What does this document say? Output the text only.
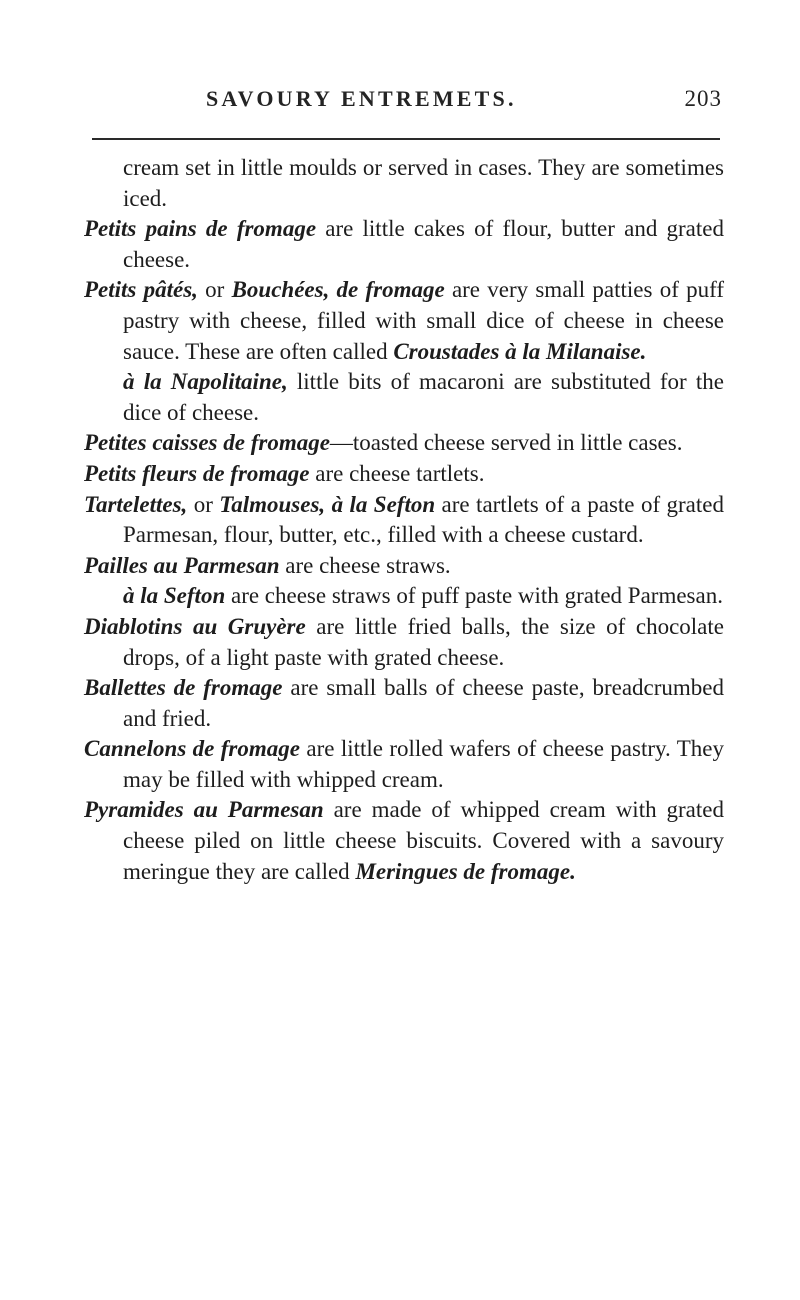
SAVOURY ENTREMETS.	203

cream set in little moulds or served in cases. They are sometimes iced.

Petits pains de fromage are little cakes of flour, butter and grated cheese.

Petits pâtés, or Bouchées, de fromage are very small patties of puff pastry with cheese, filled with small dice of cheese in cheese sauce. These are often called Croustades à la Milanaise.

à la Napolitaine, little bits of macaroni are substituted for the dice of cheese.

Petites caisses de fromage—toasted cheese served in little cases.

Petits fleurs de fromage are cheese tartlets.

Tartelettes, or Talmouses, à la Sefton are tartlets of a paste of grated Parmesan, flour, butter, etc., filled with a cheese custard.

Pailles au Parmesan are cheese straws.

à la Sefton are cheese straws of puff paste with grated Parmesan.

Diablotins au Gruyère are little fried balls, the size of chocolate drops, of a light paste with grated cheese.

Ballettes de fromage are small balls of cheese paste, breadcrumbed and fried.

Cannelons de fromage are little rolled wafers of cheese pastry. They may be filled with whipped cream.

Pyramides au Parmesan are made of whipped cream with grated cheese piled on little cheese biscuits. Covered with a savoury meringue they are called Meringues de fromage.
